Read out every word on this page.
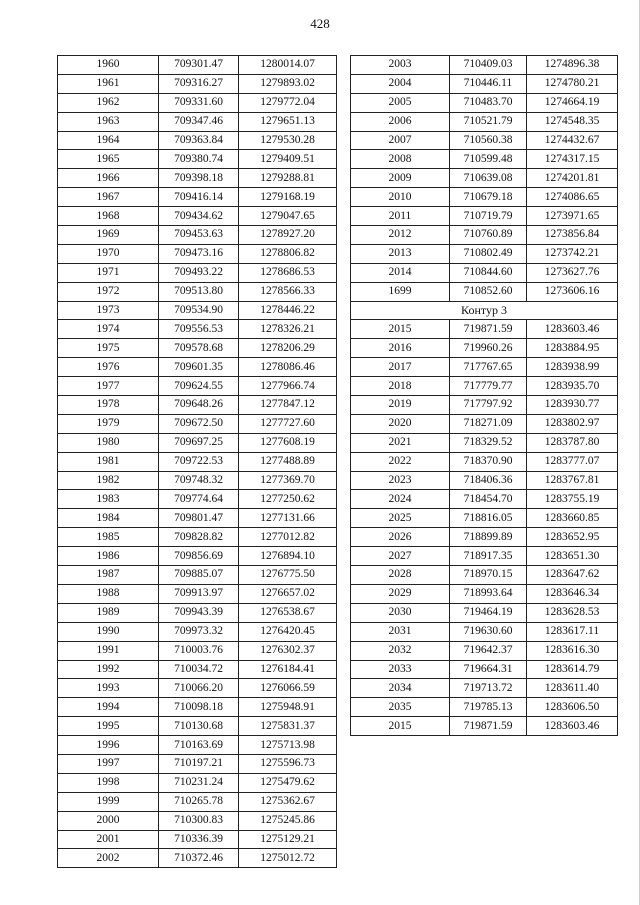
428
1960	709301.47	1280014.07
1961	709316.27	1279893.02
1962	709331.60	1279772.04
1963	709347.46	1279651.13
1964	709363.84	1279530.28
1965	709380.74	1279409.51
1966	709398.18	1279288.81
1967	709416.14	1279168.19
1968	709434.62	1279047.65
1969	709453.63	1278927.20
1970	709473.16	1278806.82
1971	709493.22	1278686.53
1972	709513.80	1278566.33
1973	709534.90	1278446.22
1974	709556.53	1278326.21
1975	709578.68	1278206.29
1976	709601.35	1278086.46
1977	709624.55	1277966.74
1978	709648.26	1277847.12
1979	709672.50	1277727.60
1980	709697.25	1277608.19
1981	709722.53	1277488.89
1982	709748.32	1277369.70
1983	709774.64	1277250.62
1984	709801.47	1277131.66
1985	709828.82	1277012.82
1986	709856.69	1276894.10
1987	709885.07	1276775.50
1988	709913.97	1276657.02
1989	709943.39	1276538.67
1990	709973.32	1276420.45
1991	710003.76	1276302.37
1992	710034.72	1276184.41
1993	710066.20	1276066.59
1994	710098.18	1275948.91
1995	710130.68	1275831.37
1996	710163.69	1275713.98
1997	710197.21	1275596.73
1998	710231.24	1275479.62
1999	710265.78	1275362.67
2000	710300.83	1275245.86
2001	710336.39	1275129.21
2002	710372.46	1275012.72
2003	710409.03	1274896.38
2004	710446.11	1274780.21
2005	710483.70	1274664.19
2006	710521.79	1274548.35
2007	710560.38	1274432.67
2008	710599.48	1274317.15
2009	710639.08	1274201.81
2010	710679.18	1274086.65
2011	710719.79	1273971.65
2012	710760.89	1273856.84
2013	710802.49	1273742.21
2014	710844.60	1273627.76
1699	710852.60	1273606.16
Контур 3		
2015	719871.59	1283603.46
2016	719960.26	1283884.95
2017	717767.65	1283938.99
2018	717779.77	1283935.70
2019	717797.92	1283930.77
2020	718271.09	1283802.97
2021	718329.52	1283787.80
2022	718370.90	1283777.07
2023	718406.36	1283767.81
2024	718454.70	1283755.19
2025	718816.05	1283660.85
2026	718899.89	1283652.95
2027	718917.35	1283651.30
2028	718970.15	1283647.62
2029	718993.64	1283646.34
2030	719464.19	1283628.53
2031	719630.60	1283617.11
2032	719642.37	1283616.30
2033	719664.31	1283614.79
2034	719713.72	1283611.40
2035	719785.13	1283606.50
2015	719871.59	1283603.46
